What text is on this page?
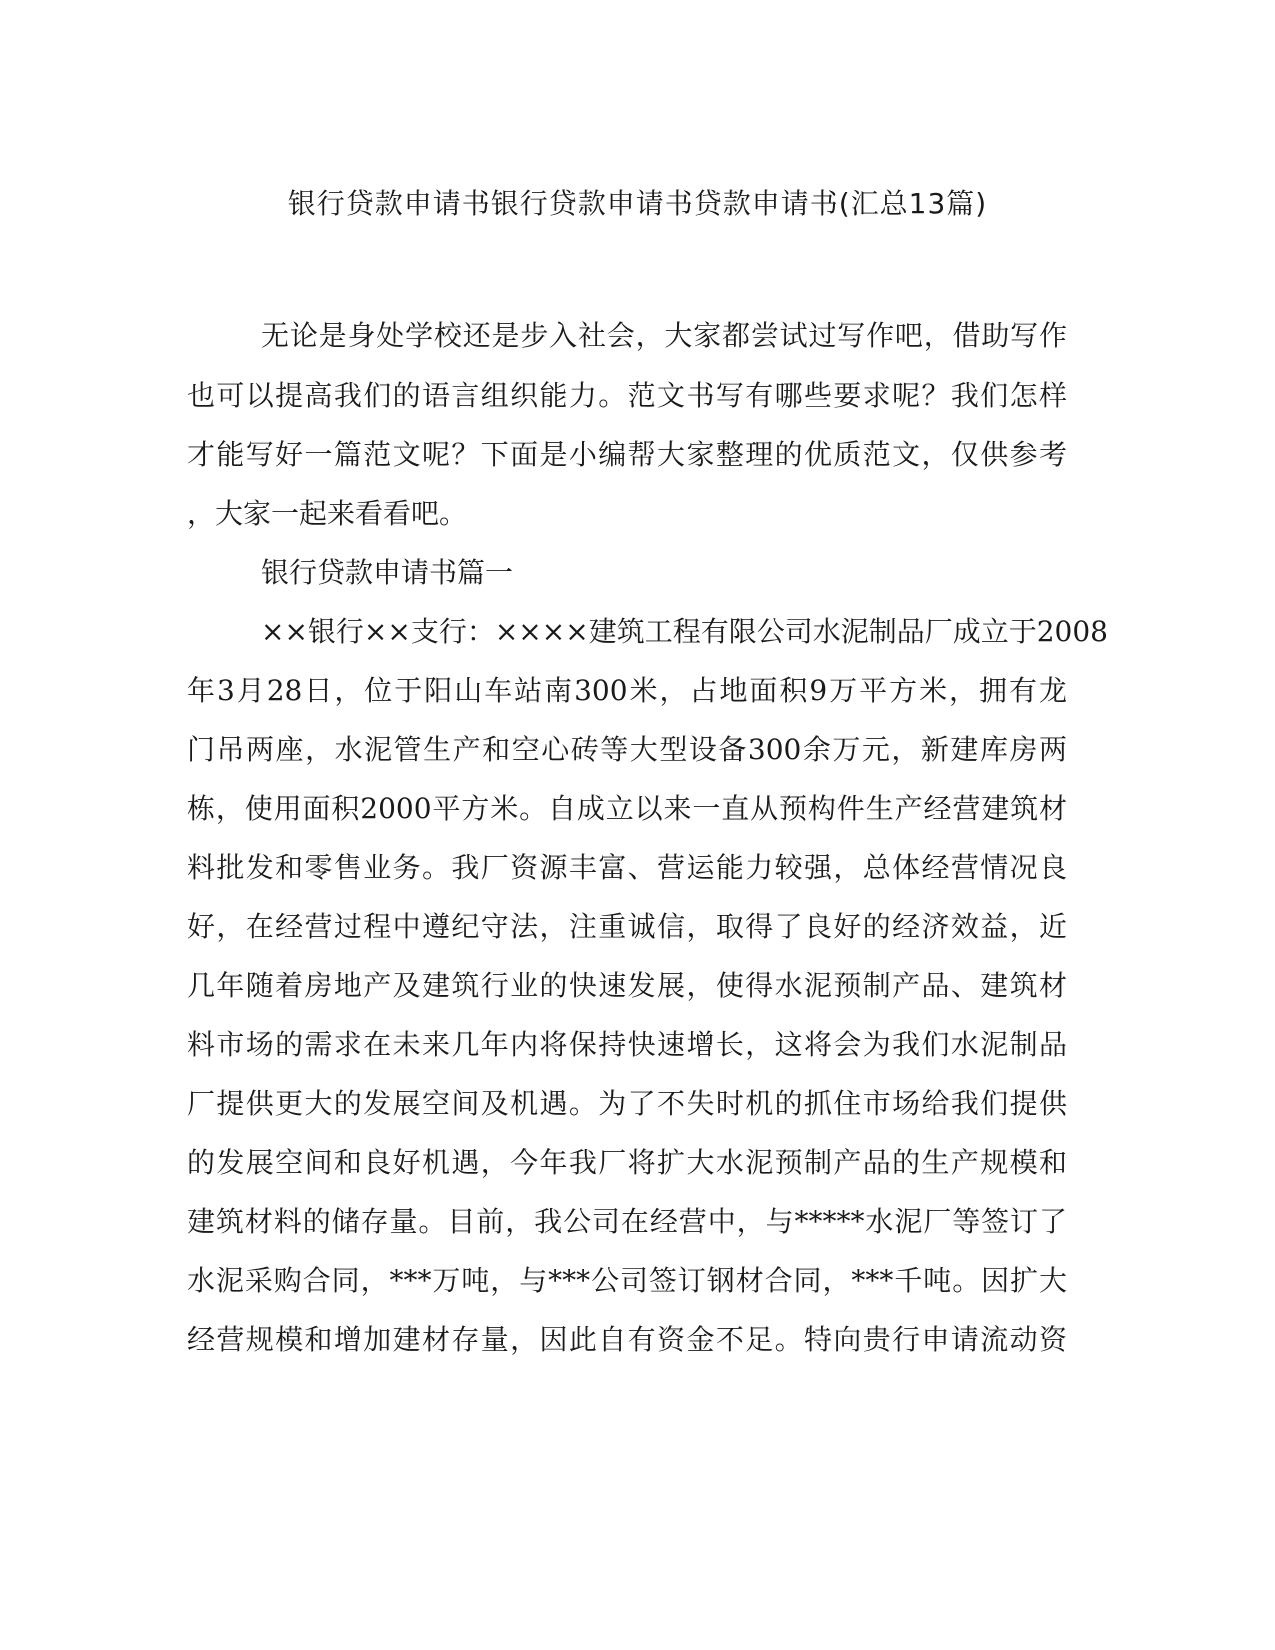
银行贷款申请书银行贷款申请书贷款申请书(汇总13篇)
无论是身处学校还是步入社会，大家都尝试过写作吧，借助写作
也可以提高我们的语言组织能力。范文书写有哪些要求呢？我们怎样
才能写好一篇范文呢？下面是小编帮大家整理的优质范文，仅供参考
，大家一起来看看吧。
银行贷款申请书篇一
××银行××支行：××××建筑工程有限公司水泥制品厂成立于2008
年3月28日，位于阳山车站南300米，占地面积9万平方米，拥有龙
门吊两座，水泥管生产和空心砖等大型设备300余万元，新建库房两
栋，使用面积2000平方米。自成立以来一直从预构件生产经营建筑材
料批发和零售业务。我厂资源丰富、营运能力较强，总体经营情况良
好，在经营过程中遵纪守法，注重诚信，取得了良好的经济效益，近
几年随着房地产及建筑行业的快速发展，使得水泥预制产品、建筑材
料市场的需求在未来几年内将保持快速增长，这将会为我们水泥制品
厂提供更大的发展空间及机遇。为了不失时机的抓住市场给我们提供
的发展空间和良好机遇，今年我厂将扩大水泥预制产品的生产规模和
建筑材料的储存量。目前，我公司在经营中，与*****水泥厂等签订了
水泥采购合同，***万吨，与***公司签订钢材合同，***千吨。因扩大
经营规模和增加建材存量，因此自有资金不足。特向贵行申请流动资
